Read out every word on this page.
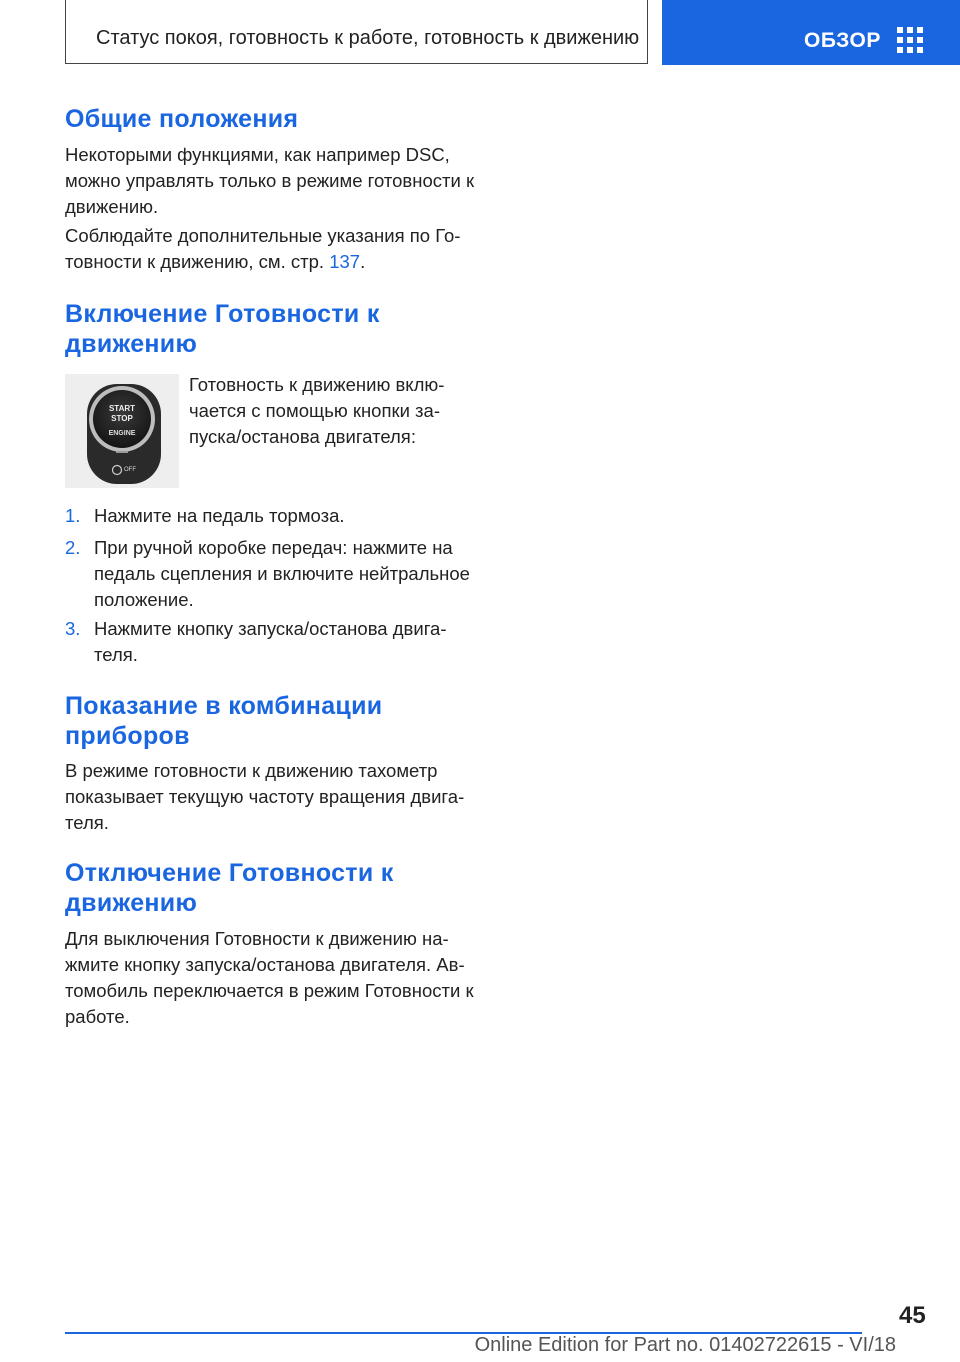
Статус покоя, готовность к работе, готовность к движению	ОБЗОР
Общие положения

Некоторыми функциями, как например DSC, можно управлять только в режиме готовности к движению.

Соблюдайте дополнительные указания по Готовности к движению, см. стр. 137.

Включение Готовности к
движению
START
STOP
ENGINE
OFF

Готовность к движению включается с помощью кнопки запуска/останова двигателя:

1. Нажмите на педаль тормоза.
2. При ручной коробке передач: нажмите на педаль сцепления и включите нейтральное положение.
3. Нажмите кнопку запуска/останова двигателя.
Показание в комбинации
приборов

В режиме готовности к движению тахометр показывает текущую частоту вращения двигателя.

Отключение Готовности к
движению

Для выключения Готовности к движению нажмите кнопку запуска/останова двигателя. Автомобиль переключается в режим Готовности к работе.

45
Online Edition for Part no. 01402722615 - VI/18
